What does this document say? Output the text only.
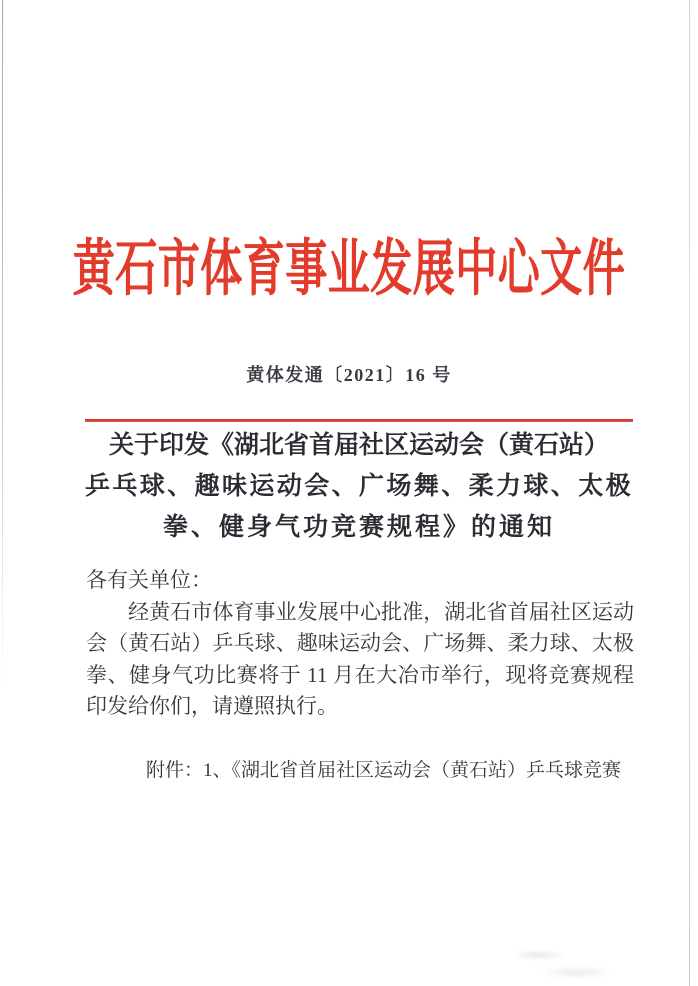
黄石市体育事业发展中心文件
黄体发通〔2021〕16 号
关于印发《湖北省首届社区运动会（黄石站）
乒乓球、趣味运动会、广场舞、柔力球、太极
拳、健身气功竞赛规程》的通知

各有关单位：

经黄石市体育事业发展中心批准，湖北省首届社区运动会（黄石站）乒乓球、趣味运动会、广场舞、柔力球、太极拳、健身气功比赛将于 11 月在大冶市举行，现将竞赛规程印发给你们，请遵照执行。

附件：1、《湖北省首届社区运动会（黄石站）乒乓球竞赛
